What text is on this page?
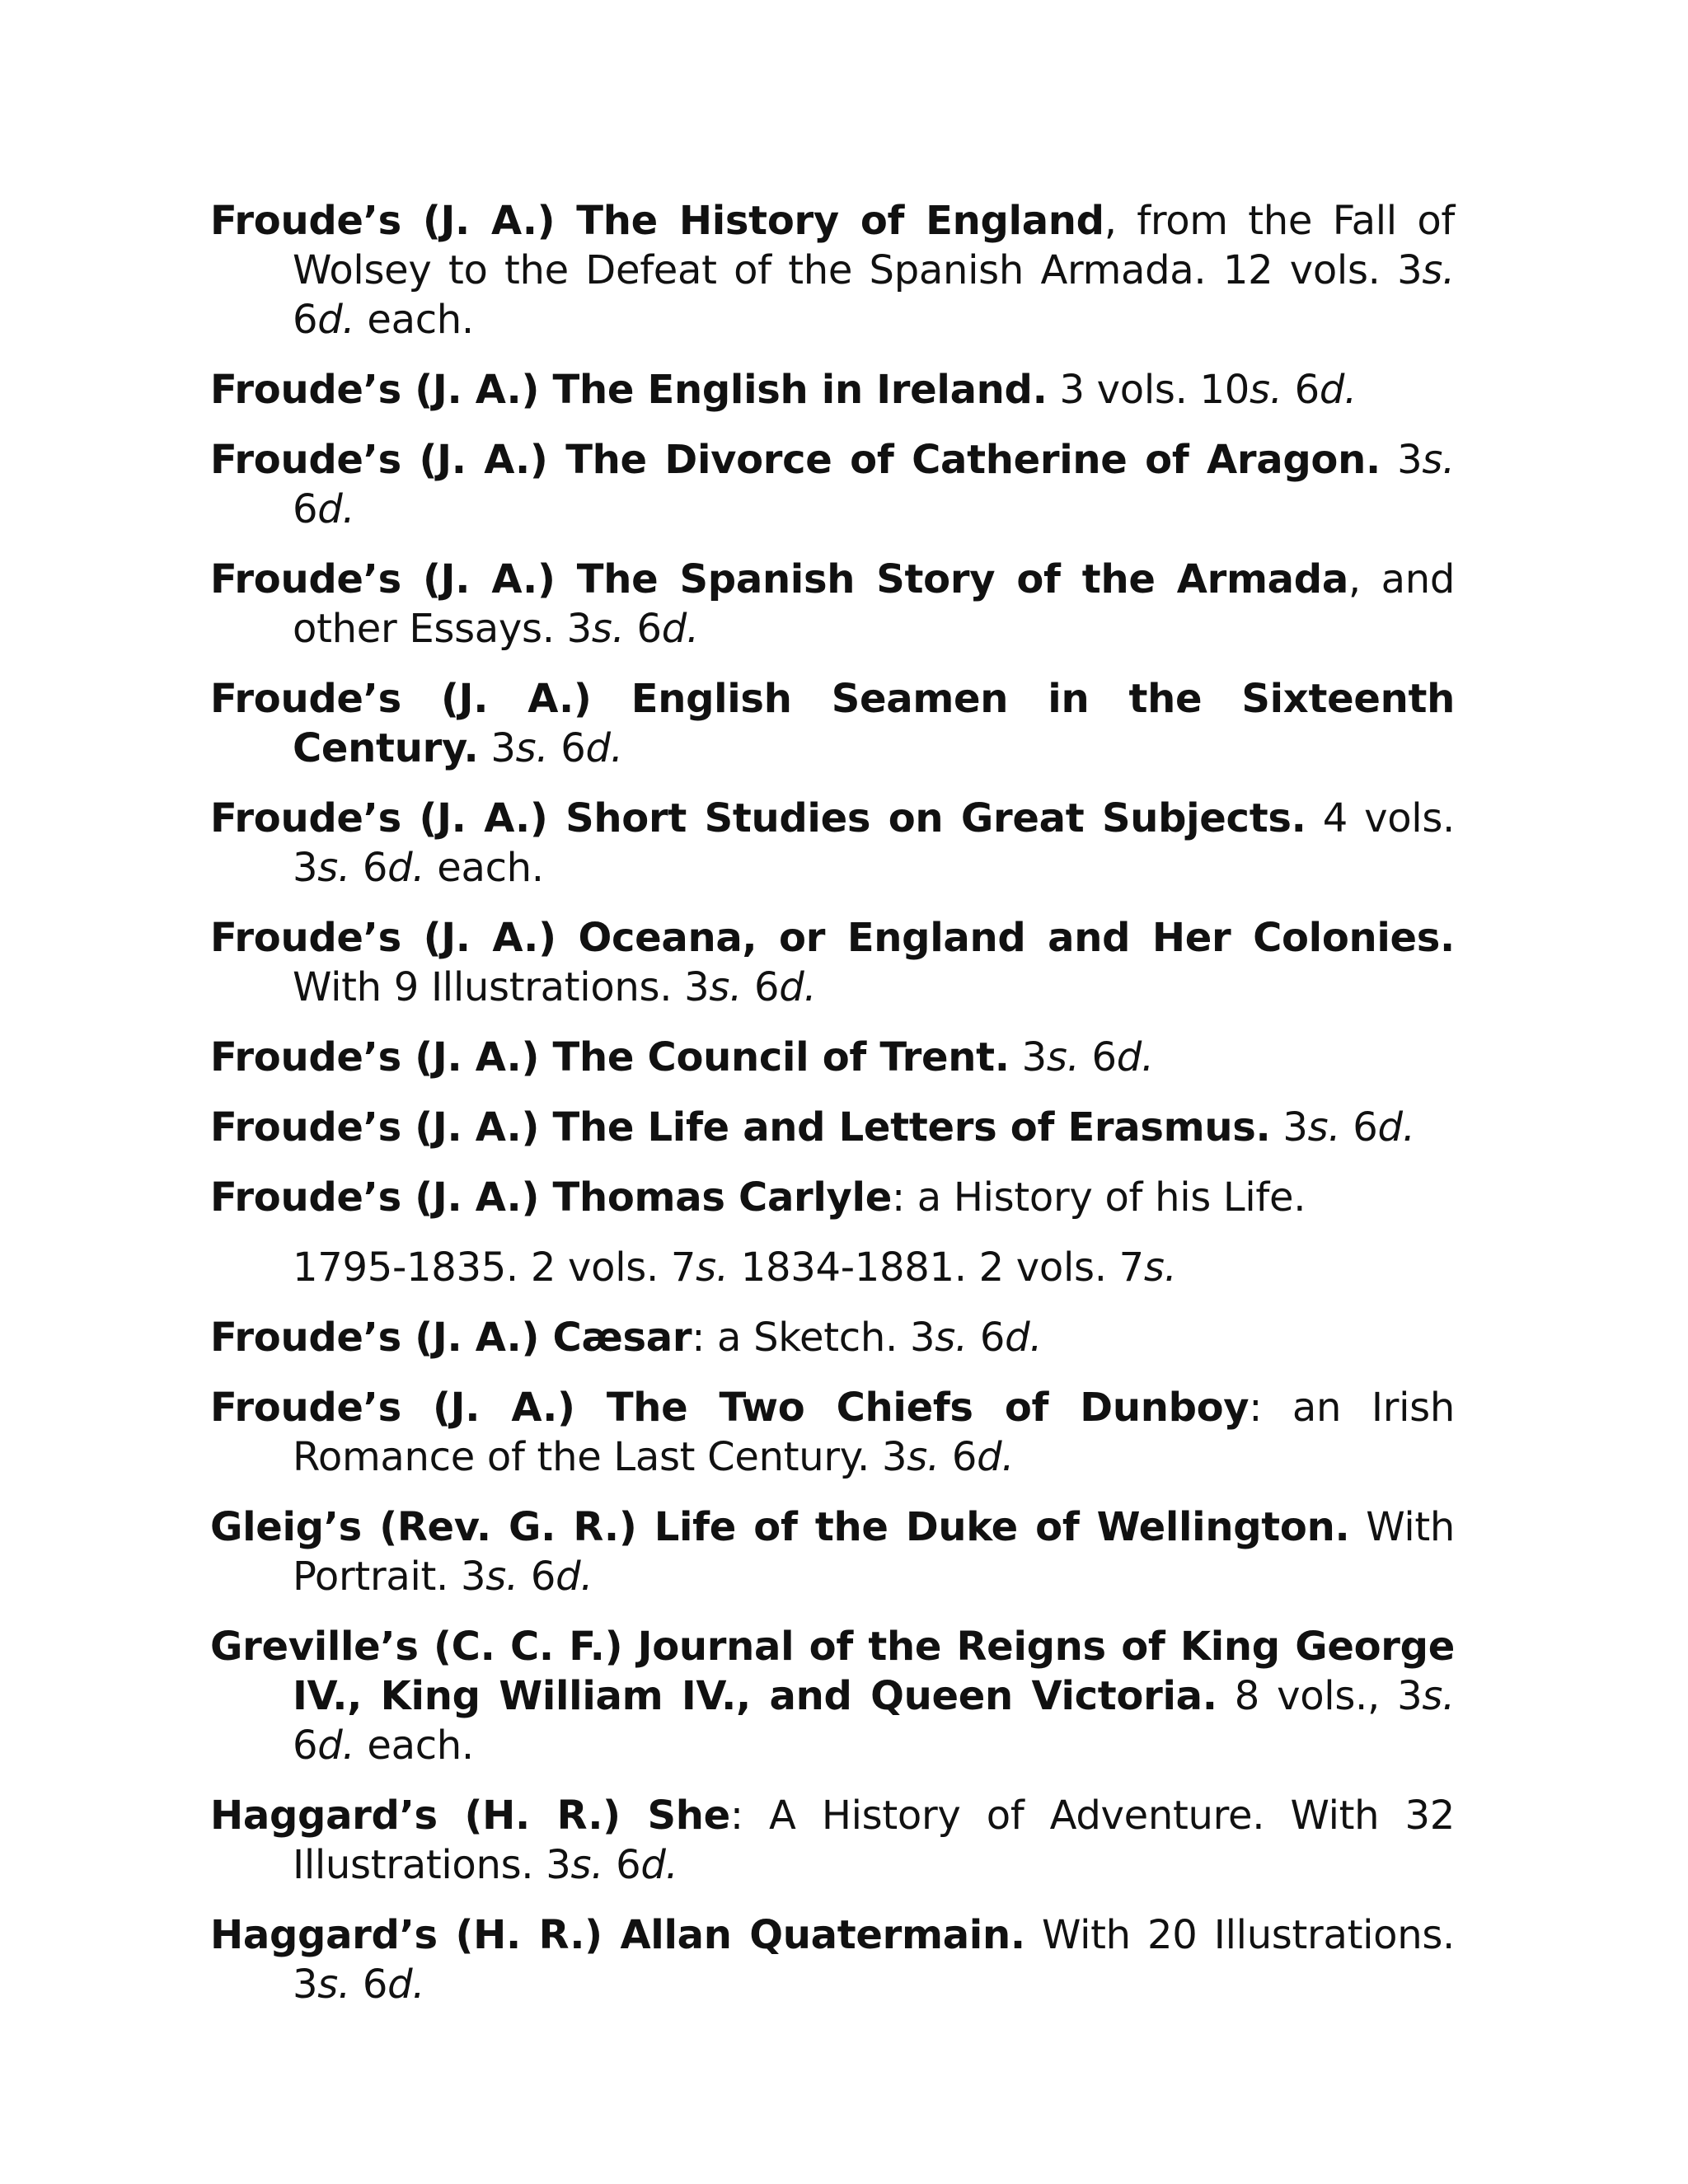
Froude’s (J. A.) The History of England, from the Fall of Wolsey to the Defeat of the Spanish Armada. 12 vols. 3s. 6d. each.

Froude’s (J. A.) The English in Ireland. 3 vols. 10s. 6d.

Froude’s (J. A.) The Divorce of Catherine of Aragon. 3s. 6d.

Froude’s (J. A.) The Spanish Story of the Armada, and other Essays. 3s. 6d.

Froude’s (J. A.) English Seamen in the Sixteenth Century. 3s. 6d.

Froude’s (J. A.) Short Studies on Great Subjects. 4 vols. 3s. 6d. each.

Froude’s (J. A.) Oceana, or England and Her Colonies. With 9 Illustrations. 3s. 6d.

Froude’s (J. A.) The Council of Trent. 3s. 6d.

Froude’s (J. A.) The Life and Letters of Erasmus. 3s. 6d.

Froude’s (J. A.) Thomas Carlyle: a History of his Life.

1795-1835. 2 vols. 7s. 1834-1881. 2 vols. 7s.

Froude’s (J. A.) Cæsar: a Sketch. 3s. 6d.

Froude’s (J. A.) The Two Chiefs of Dunboy: an Irish Romance of the Last Century. 3s. 6d.

Gleig’s (Rev. G. R.) Life of the Duke of Wellington. With Portrait. 3s. 6d.

Greville’s (C. C. F.) Journal of the Reigns of King George IV., King William IV., and Queen Victoria. 8 vols., 3s. 6d. each.

Haggard’s (H. R.) She: A History of Adventure. With 32 Illustrations. 3s. 6d.

Haggard’s (H. R.) Allan Quatermain. With 20 Illustrations. 3s. 6d.
